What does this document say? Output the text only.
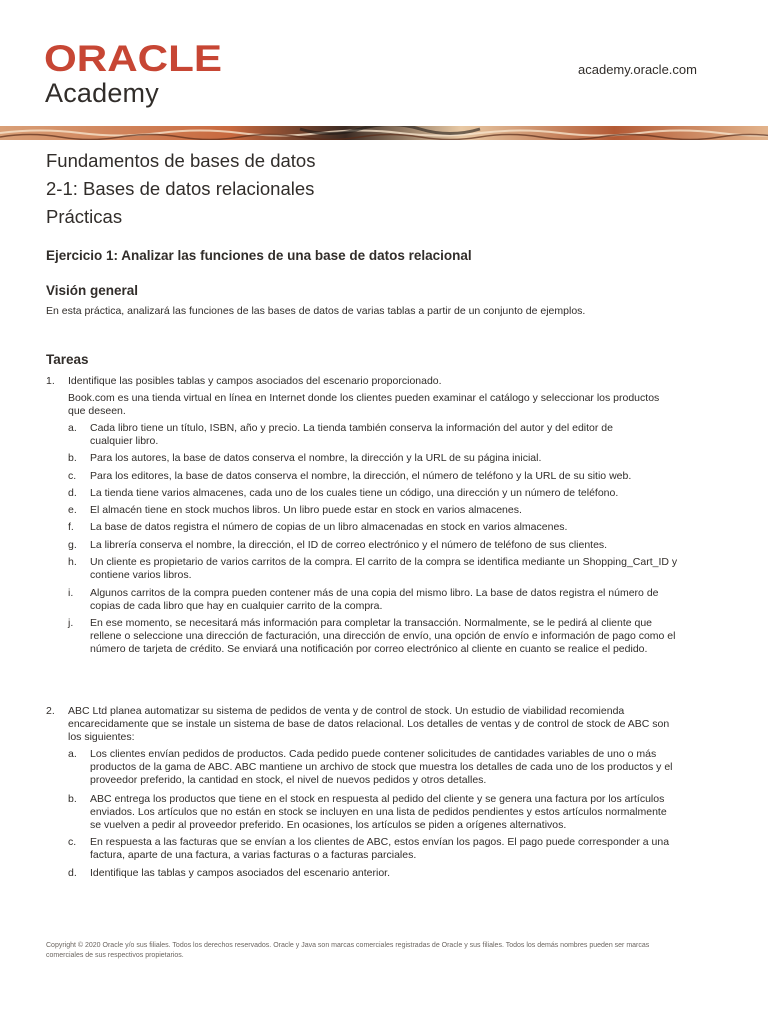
ORACLE
Academy
academy.oracle.com
Fundamentos de bases de datos
2-1: Bases de datos relacionales
Prácticas
Ejercicio 1: Analizar las funciones de una base de datos relacional
Visión general
En esta práctica, analizará las funciones de las bases de datos de varias tablas a partir de un conjunto de ejemplos.
Tareas
1. Identifique las posibles tablas y campos asociados del escenario proporcionado.
Book.com es una tienda virtual en línea en Internet donde los clientes pueden examinar el catálogo y seleccionar los productos
que deseen.
a. Cada libro tiene un título, ISBN, año y precio. La tienda también conserva la información del autor y del editor de
cualquier libro.
b. Para los autores, la base de datos conserva el nombre, la dirección y la URL de su página inicial.
c. Para los editores, la base de datos conserva el nombre, la dirección, el número de teléfono y la URL de su sitio web.
d. La tienda tiene varios almacenes, cada uno de los cuales tiene un código, una dirección y un número de teléfono.
e. El almacén tiene en stock muchos libros. Un libro puede estar en stock en varios almacenes.
f. La base de datos registra el número de copias de un libro almacenadas en stock en varios almacenes.
g. La librería conserva el nombre, la dirección, el ID de correo electrónico y el número de teléfono de sus clientes.
h. Un cliente es propietario de varios carritos de la compra. El carrito de la compra se identifica mediante un Shopping_Cart_ID y
contiene varios libros.
i. Algunos carritos de la compra pueden contener más de una copia del mismo libro. La base de datos registra el número de
copias de cada libro que hay en cualquier carrito de la compra.
j. En ese momento, se necesitará más información para completar la transacción. Normalmente, se le pedirá al cliente que
rellene o seleccione una dirección de facturación, una dirección de envío, una opción de envío e información de pago como el
número de tarjeta de crédito. Se enviará una notificación por correo electrónico al cliente en cuanto se realice el pedido.
2. ABC Ltd planea automatizar su sistema de pedidos de venta y de control de stock. Un estudio de viabilidad recomienda
encarecidamente que se instale un sistema de base de datos relacional. Los detalles de ventas y de control de stock de ABC son
los siguientes:
a. Los clientes envían pedidos de productos. Cada pedido puede contener solicitudes de cantidades variables de uno o más
productos de la gama de ABC. ABC mantiene un archivo de stock que muestra los detalles de cada uno de los productos y el
proveedor preferido, la cantidad en stock, el nivel de nuevos pedidos y otros detalles.
b. ABC entrega los productos que tiene en el stock en respuesta al pedido del cliente y se genera una factura por los artículos
enviados. Los artículos que no están en stock se incluyen en una lista de pedidos pendientes y estos artículos normalmente
se vuelven a pedir al proveedor preferido. En ocasiones, los artículos se piden a orígenes alternativos.
c. En respuesta a las facturas que se envían a los clientes de ABC, estos envían los pagos. El pago puede corresponder a una
factura, aparte de una factura, a varias facturas o a facturas parciales.
d. Identifique las tablas y campos asociados del escenario anterior.
Copyright © 2020 Oracle y/o sus filiales. Todos los derechos reservados. Oracle y Java son marcas comerciales registradas de Oracle y sus filiales. Todos los demás nombres pueden ser marcas
comerciales de sus respectivos propietarios.
